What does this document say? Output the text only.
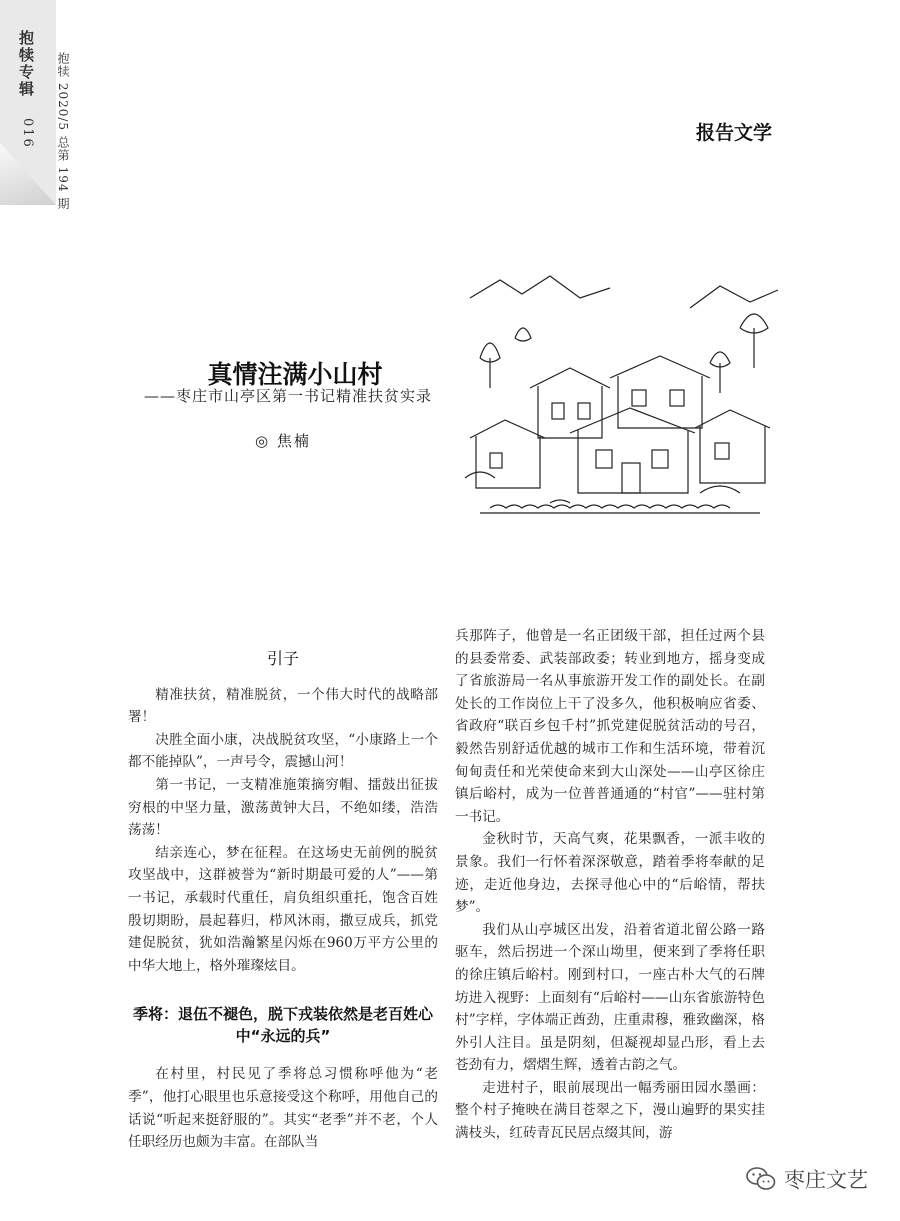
抱犊专辑
016 抱犊 2020/5 总第 194 期	报告文学
真情注满小山村
——枣庄市山亭区第一书记精准扶贫实录
◎ 焦楠
引子

精准扶贫，精准脱贫，一个伟大时代的战略部署！

决胜全面小康，决战脱贫攻坚，“小康路上一个都不能掉队”，一声号令，震撼山河！

第一书记，一支精准施策摘穷帽、擂鼓出征拔穷根的中坚力量，激荡黄钟大吕，不绝如缕，浩浩荡荡！

结亲连心，梦在征程。在这场史无前例的脱贫攻坚战中，这群被誉为“新时期最可爱的人”——第一书记，承载时代重任，肩负组织重托，饱含百姓殷切期盼，晨起暮归，栉风沐雨，撒豆成兵，抓党建促脱贫，犹如浩瀚繁星闪烁在960万平方公里的中华大地上，格外璀璨炫目。

季将：退伍不褪色，脱下戎装依然是老百姓心中“永远的兵”

在村里，村民见了季将总习惯称呼他为“老季”，他打心眼里也乐意接受这个称呼，用他自己的话说“听起来挺舒服的”。其实“老季”并不老，个人任职经历也颇为丰富。在部队当

兵那阵子，他曾是一名正团级干部，担任过两个县的县委常委、武装部政委；转业到地方，摇身变成了省旅游局一名从事旅游开发工作的副处长。在副处长的工作岗位上干了没多久，他积极响应省委、省政府“联百乡包千村”抓党建促脱贫活动的号召，毅然告别舒适优越的城市工作和生活环境，带着沉甸甸责任和光荣使命来到大山深处——山亭区徐庄镇后峪村，成为一位普普通通的“村官”——驻村第一书记。

金秋时节，天高气爽，花果飘香，一派丰收的景象。我们一行怀着深深敬意，踏着季将奉献的足迹，走近他身边，去探寻他心中的“后峪情，帮扶梦”。

我们从山亭城区出发，沿着省道北留公路一路驱车，然后拐进一个深山坳里，便来到了季将任职的徐庄镇后峪村。刚到村口，一座古朴大气的石牌坊进入视野：上面刻有“后峪村——山东省旅游特色村”字样，字体端正酋劲，庄重肃穆，雅致幽深，格外引人注目。虽是阴刻，但凝视却显凸形，看上去苍劲有力，熠熠生辉，透着古韵之气。

走进村子，眼前展现出一幅秀丽田园水墨画：整个村子掩映在满目苍翠之下，漫山遍野的果实挂满枝头，红砖青瓦民居点缀其间，游

枣庄文艺
